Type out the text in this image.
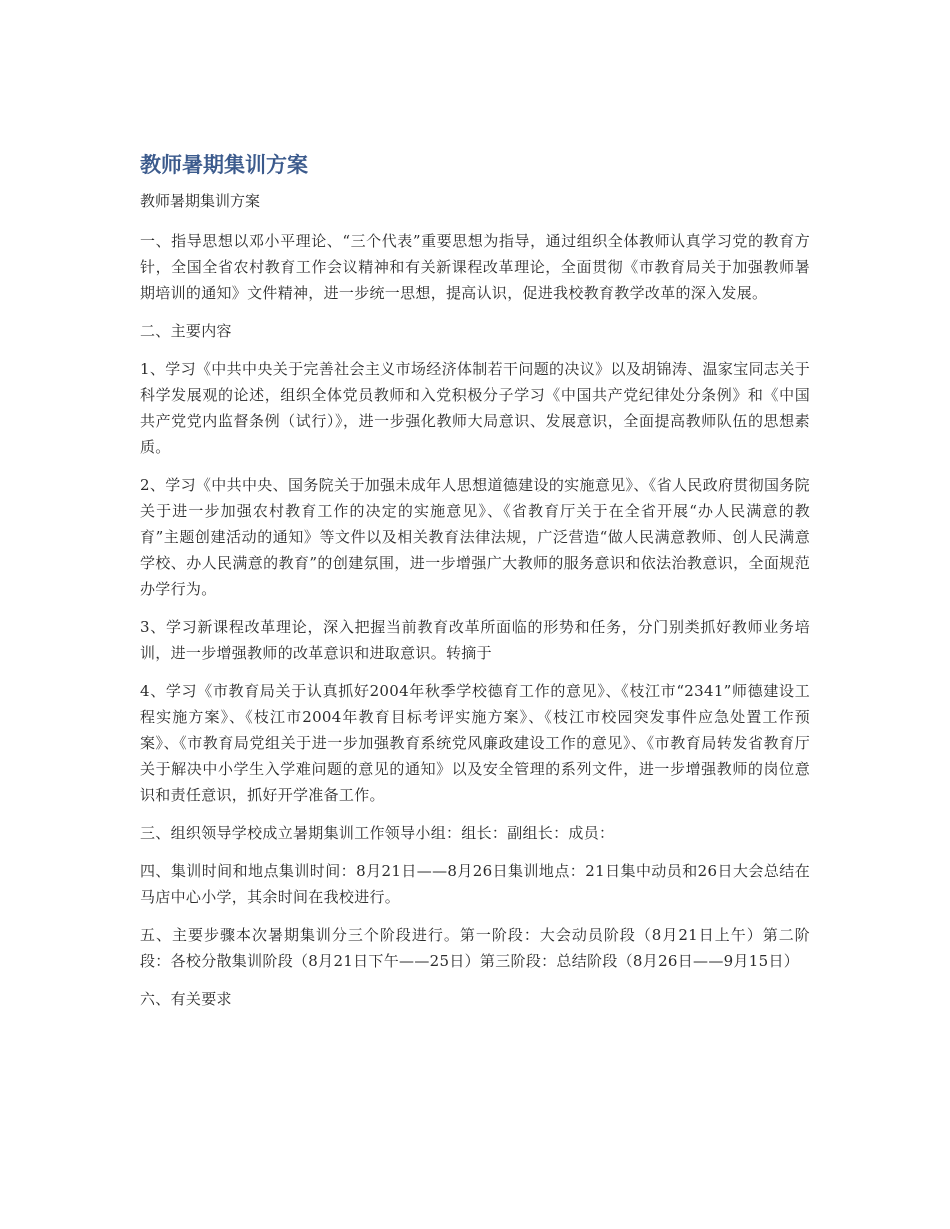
教师暑期集训方案

教师暑期集训方案

一、指导思想以邓小平理论、“三个代表”重要思想为指导，通过组织全体教师认真学习党的教育方针，全国全省农村教育工作会议精神和有关新课程改革理论，全面贯彻《市教育局关于加强教师暑期培训的通知》文件精神，进一步统一思想，提高认识，促进我校教育教学改革的深入发展。

二、主要内容

1、学习《中共中央关于完善社会主义市场经济体制若干问题的决议》以及胡锦涛、温家宝同志关于科学发展观的论述，组织全体党员教师和入党积极分子学习《中国共产党纪律处分条例》和《中国共产党党内监督条例（试行）》，进一步强化教师大局意识、发展意识，全面提高教师队伍的思想素质。

2、学习《中共中央、国务院关于加强未成年人思想道德建设的实施意见》、《省人民政府贯彻国务院关于进一步加强农村教育工作的决定的实施意见》、《省教育厅关于在全省开展“办人民满意的教育”主题创建活动的通知》等文件以及相关教育法律法规，广泛营造“做人民满意教师、创人民满意学校、办人民满意的教育”的创建氛围，进一步增强广大教师的服务意识和依法治教意识，全面规范办学行为。

3、学习新课程改革理论，深入把握当前教育改革所面临的形势和任务，分门别类抓好教师业务培训，进一步增强教师的改革意识和进取意识。转摘于

4、学习《市教育局关于认真抓好2004年秋季学校德育工作的意见》、《枝江市“2341”师德建设工程实施方案》、《枝江市2004年教育目标考评实施方案》、《枝江市校园突发事件应急处置工作预案》、《市教育局党组关于进一步加强教育系统党风廉政建设工作的意见》、《市教育局转发省教育厅关于解决中小学生入学难问题的意见的通知》以及安全管理的系列文件，进一步增强教师的岗位意识和责任意识，抓好开学准备工作。

三、组织领导学校成立暑期集训工作领导小组：组长：副组长：成员：

四、集训时间和地点集训时间：8月21日——8月26日集训地点：21日集中动员和26日大会总结在马店中心小学，其余时间在我校进行。

五、主要步骤本次暑期集训分三个阶段进行。第一阶段：大会动员阶段（8月21日上午）第二阶段：各校分散集训阶段（8月21日下午——25日）第三阶段：总结阶段（8月26日——9月15日）

六、有关要求
